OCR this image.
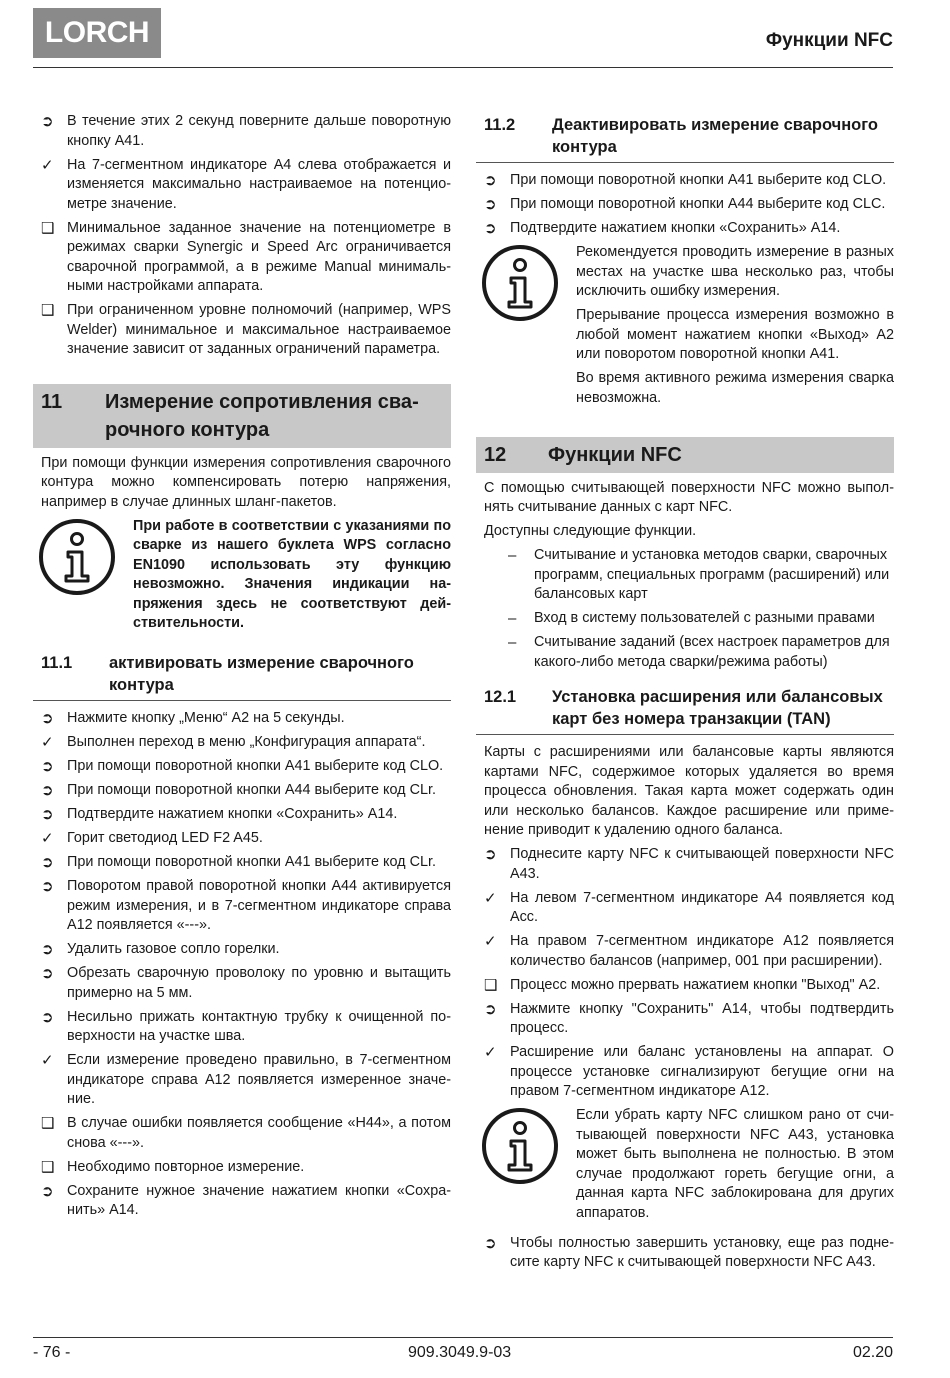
LORCH	Функции NFC
➲ В течение этих 2 секунд поверните дальше поворотную кнопку A41.
✓ На 7-сегментном индикаторе A4 слева отображается и изменяется максимально настраиваемое на потенциометре значение.
❑ Минимальное заданное значение на потенциометре в режимах сварки Synergic и Speed Arc ограничивается сварочной программой, а в режиме Manual минимальными настройками аппарата.
❑ При ограниченном уровне полномочий (например, WPS Welder) минимальное и максимальное настраиваемое значение зависит от заданных ограничений параметра.
11	Измерение сопротивления сварочного контура

При помощи функции измерения сопротивления сварочного контура можно компенсировать потерю напряжения, например в случае длинных шланг-пакетов.

При работе в соответствии с указаниями по сварке из нашего буклета WPS согласно EN1090 использовать эту функцию невозможно. Значения индикации напряжения здесь не соответствуют действительности.

11.1	активировать измерение сварочного контура
➲ Нажмите кнопку „Меню“ A2 на 5 секунды.
✓ Выполнен переход в меню „Конфигурация аппарата“.
➲ При помощи поворотной кнопки A41 выберите код CLO.
➲ При помощи поворотной кнопки A44 выберите код CLr.
➲ Подтвердите нажатием кнопки «Сохранить» A14.
✓ Горит светодиод LED F2 A45.
➲ При помощи поворотной кнопки A41 выберите код CLr.
➲ Поворотом правой поворотной кнопки A44 активируется режим измерения, и в 7-сегментном индикаторе справа A12 появляется «---».
➲ Удалить газовое сопло горелки.
➲ Обрезать сварочную проволоку по уровню и вытащить примерно на 5 мм.
➲ Несильно прижать контактную трубку к очищенной поверхности на участке шва.
✓ Если измерение проведено правильно, в 7-сегментном индикаторе справа A12 появляется измеренное значение.
❑ В случае ошибки появляется сообщение «H44», а потом снова «---».
❑ Необходимо повторное измерение.
➲ Сохраните нужное значение нажатием кнопки «Сохранить» A14.
11.2	Деактивировать измерение сварочного контура
➲ При помощи поворотной кнопки A41 выберите код CLO.
➲ При помощи поворотной кнопки A44 выберите код CLC.
➲ Подтвердите нажатием кнопки «Сохранить» A14.

Рекомендуется проводить измерение в разных местах на участке шва несколько раз, чтобы исключить ошибку измерения.

Прерывание процесса измерения возможно в любой момент нажатием кнопки «Выход» A2 или поворотом поворотной кнопки A41.

Во время активного режима измерения сварка невозможна.

12	Функции NFC

С помощью считывающей поверхности NFC можно выполнять считывание данных с карт NFC.

Доступны следующие функции.

–	Считывание и установка методов сварки, сварочных программ, специальных программ (расширений) или балансовых карт
–	Вход в систему пользователей с разными правами
–	Считывание заданий (всех настроек параметров для какого-либо метода сварки/режима работы)
12.1	Установка расширения или балансовых карт без номера транзакции (TAN)

Карты с расширениями или балансовые карты являются картами NFC, содержимое которых удаляется во время процесса обновления. Такая карта может содержать один или несколько балансов. Каждое расширение или применение приводит к удалению одного баланса.

➲ Поднесите карту NFC к считывающей поверхности NFC A43.
✓ На левом 7-сегментном индикаторе A4 появляется код Acc.
✓ На правом 7-сегментном индикаторе A12 появляется количество балансов (например, 001 при расширении).
❑ Процесс можно прервать нажатием кнопки "Выход" A2.
➲ Нажмите кнопку "Сохранить" A14, чтобы подтвердить процесс.
✓ Расширение или баланс установлены на аппарат. О процессе установке сигнализируют бегущие огни на правом 7-сегментном индикаторе A12.

Если убрать карту NFC слишком рано от считывающей поверхности NFC A43, установка может быть выполнена не полностью. В этом случае продолжают гореть бегущие огни, а данная карта NFC заблокирована для других аппаратов.

➲ Чтобы полностью завершить установку, еще раз поднесите карту NFC к считывающей поверхности NFC A43.
- 76 -	909.3049.9-03	02.20
